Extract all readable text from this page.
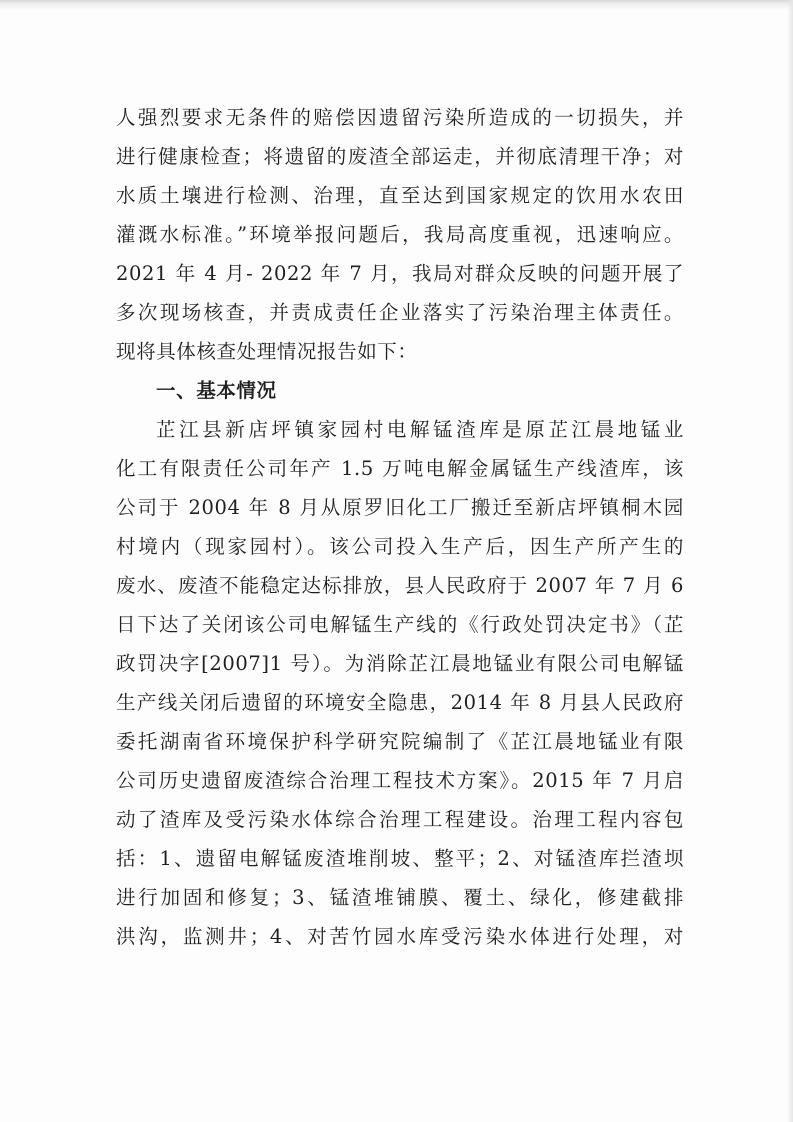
人强烈要求无条件的赔偿因遗留污染所造成的一切损失，并
进行健康检查；将遗留的废渣全部运走，并彻底清理干净；对
水质土壤进行检测、治理，直至达到国家规定的饮用水农田
灌溉水标准。”环境举报问题后，我局高度重视，迅速响应。
2021 年 4 月- 2022 年 7 月，我局对群众反映的问题开展了
多次现场核查，并责成责任企业落实了污染治理主体责任。
现将具体核查处理情况报告如下：
一、基本情况
芷江县新店坪镇家园村电解锰渣库是原芷江晨地锰业
化工有限责任公司年产 1.5 万吨电解金属锰生产线渣库，该
公司于 2004 年 8 月从原罗旧化工厂搬迁至新店坪镇桐木园
村境内（现家园村）。该公司投入生产后，因生产所产生的
废水、废渣不能稳定达标排放，县人民政府于 2007 年 7 月 6
日下达了关闭该公司电解锰生产线的《行政处罚决定书》（芷
政罚决字[2007]1 号）。为消除芷江晨地锰业有限公司电解锰
生产线关闭后遗留的环境安全隐患，2014 年 8 月县人民政府
委托湖南省环境保护科学研究院编制了《芷江晨地锰业有限
公司历史遗留废渣综合治理工程技术方案》。2015 年 7 月启
动了渣库及受污染水体综合治理工程建设。治理工程内容包
括：1、遗留电解锰废渣堆削坡、整平；2、对锰渣库拦渣坝
进行加固和修复；3、锰渣堆铺膜、覆土、绿化，修建截排
洪沟，监测井；4、对苦竹园水库受污染水体进行处理，对
